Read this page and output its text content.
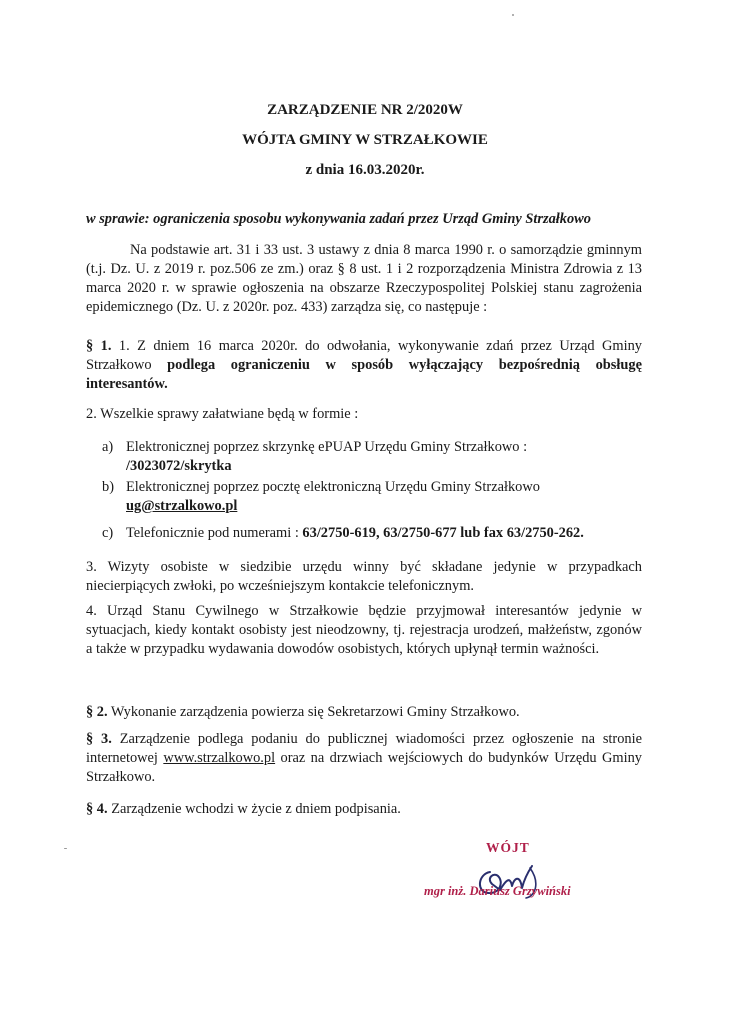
ZARZĄDZENIE NR 2/2020W
WÓJTA GMINY W STRZAŁKOWIE
z dnia 16.03.2020r.
w sprawie: ograniczenia sposobu wykonywania zadań przez Urząd Gminy Strzałkowo
Na podstawie art. 31 i 33 ust. 3 ustawy z dnia 8 marca 1990 r. o samorządzie gminnym (t.j. Dz. U. z 2019 r. poz.506 ze zm.) oraz § 8 ust. 1 i 2 rozporządzenia Ministra Zdrowia z 13 marca 2020 r. w sprawie ogłoszenia na obszarze Rzeczypospolitej Polskiej stanu zagrożenia epidemicznego (Dz. U. z 2020r. poz. 433) zarządza się, co następuje :
§ 1. 1. Z dniem 16 marca 2020r. do odwołania, wykonywanie zdań przez Urząd Gminy Strzałkowo podlega ograniczeniu w sposób wyłączający bezpośrednią obsługę interesantów.
2. Wszelkie sprawy załatwiane będą w formie :
a) Elektronicznej poprzez skrzynkę ePUAP Urzędu Gminy Strzałkowo :
/3023072/skrytka
b) Elektronicznej poprzez pocztę elektroniczną Urzędu Gminy Strzałkowo
ug@strzalkowo.pl
c) Telefonicznie pod numerami : 63/2750-619, 63/2750-677 lub fax 63/2750-262.
3. Wizyty osobiste w siedzibie urzędu winny być składane jedynie w przypadkach niecierpiących zwłoki, po wcześniejszym kontakcie telefonicznym.
4. Urząd Stanu Cywilnego w Strzałkowie będzie przyjmował interesantów jedynie w sytuacjach, kiedy kontakt osobisty jest nieodzowny, tj. rejestracja urodzeń, małżeństw, zgonów a także w przypadku wydawania dowodów osobistych, których upłynął termin ważności.
§ 2. Wykonanie zarządzenia powierza się Sekretarzowi Gminy Strzałkowo.
§ 3. Zarządzenie podlega podaniu do publicznej wiadomości przez ogłoszenie na stronie internetowej www.strzalkowo.pl oraz na drzwiach wejściowych do budynków Urzędu Gminy Strzałkowo.
§ 4. Zarządzenie wchodzi w życie z dniem podpisania.
WÓJT
mgr inż. Dariusz Grzywiński
